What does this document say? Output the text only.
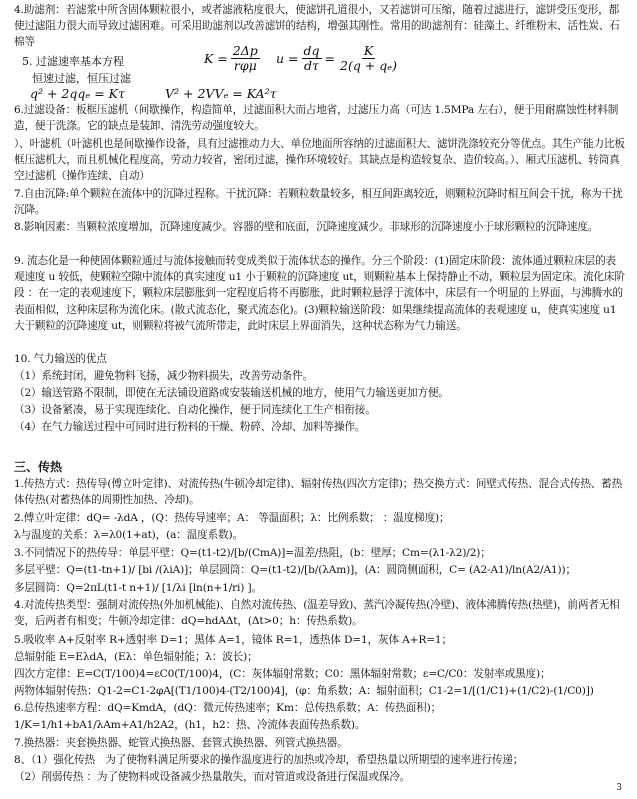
4.助滤剂：若滤浆中所含固体颗粒很小，或者滤液粘度很大，使滤饼孔道很小，又若滤饼可压缩，随着过滤进行，滤饼受压变形，都使过滤阻力很大而导致过滤困难。可采用助滤剂以改善滤饼的结构，增强其刚性。常用的助滤剂有：硅藻土、纤维粉末、活性炭、石棉等

5. 过滤速率基本方程
恒速过滤，恒压过滤
q² + 2qqₑ = Kτ
$K = \frac{2\Delta p}{\text{rφμ}}$ $u = \frac{dq}{d\tau} = \frac{K}{\text{2(q + qₑ)}}$
V² + 2VVₑ = KA²τ

6.过滤设备：板框压滤机（间歇操作，构造简单，过滤面积大而占地省，过滤压力高（可达 1.5MPa 左右），便于用耐腐蚀性材料制造，便于洗涤。它的缺点是装卸、清洗劳动强度较大。

）、叶滤机（叶滤机也是间歇操作设备，具有过滤推动力大、单位地面所容纳的过滤面积大、滤饼洗涤较充分等优点。其生产能力比板框压滤机大，而且机械化程度高，劳动力较省，密闭过滤，操作环境较好。其缺点是构造较复杂、造价较高。）、厢式压滤机、转筒真空过滤机（操作连续、自动）

7.自由沉降:单个颗粒在流体中的沉降过程称。干扰沉降：若颗粒数量较多，相互间距离较近，则颗粒沉降时相互间会干扰，称为干扰沉降。

8.影响因素：当颗粒浓度增加，沉降速度减少。容器的壁和底面，沉降速度减少。非球形的沉降速度小于球形颗粒的沉降速度。

9. 流态化是一种使固体颗粒通过与流体接触而转变成类似于流体状态的操作。分三个阶段：(1)固定床阶段：流体通过颗粒床层的表观速度 u 较低，使颗粒空隙中流体的真实速度 u1 小于颗粒的沉降速度 ut，则颗粒基本上保持静止不动，颗粒层为固定床。流化床阶段 ：在一定的表观速度下，颗粒床层膨胀到一定程度后将不再膨胀，此时颗粒悬浮于流体中，床层有一个明显的上界面，与沸腾水的表面相似，这种床层称为流化床。(散式流态化，聚式流态化)。(3)颗粒输送阶段：如果继续提高流体的表观速度 u，使真实速度 u1 大于颗粒的沉降速度 ut，则颗粒将被气流所带走，此时床层上界面消失，这种状态称为气力输送。

10. 气力输送的优点

（1）系统封闭，避免物料飞扬，减少物料损失，改善劳动条件。

（2）输送管路不限制，即使在无法铺设道路或安装输送机械的地方，使用气力输送更加方便。

（3）设备紧凑，易于实现连续化、自动化操作，便于同连续化工生产相衔接。

（4）在气力输送过程中可同时进行粉料的干燥、粉碎、冷却、加料等操作。

三、传热

1.传热方式：热传导(傅立叶定律)、对流传热(牛顿冷却定律)、辐射传热(四次方定律)；热交换方式：间壁式传热、混合式传热、蓄热体传热(对蓄热体的周期性加热、冷却)。

2.傅立叶定律：dQ= -λdA ，(Q：热传导速率；A： 等温面积；λ：比例系数； ：温度梯度)；

λ与温度的关系：λ=λ0(1+at)，(a：温度系数)。

3.不同情况下的热传导：单层平壁：Q=(t1-t2)/[b/(CmA)]=温差/热阻，(b：壁厚；Cm=(λ1-λ2)/2)；

多层平壁：Q=(t1-tn+1)/ [bi /(λiA)]；单层圆筒：Q=(t1-t2)/[b/(λAm)]，(A：圆筒侧面积，C= (A2-A1)/ln(A2/A1))；

多层圆筒：Q=2πL(t1-t n+1)/ [1/λi [ln(n+1/ri) ]。

4.对流传热类型：强制对流传热(外加机械能)、自然对流传热、(温差导致)、蒸汽冷凝传热(冷壁)、液体沸腾传热(热壁)，前两者无相变，后两者有相变；牛顿冷却定律：dQ=hdAΔt，(Δt>0；h：传热系数)。

5.吸收率 A+反射率 R+透射率 D=1；黑体 A=1，镜体 R=1，透热体 D=1，灰体 A+R=1；

总辐射能 E=EλdA，(Eλ：单色辐射能；λ：波长)；

四次方定律：E=C(T/100)4=εC0(T/100)4，(C：灰体辐射常数；C0：黑体辐射常数；ε=C/C0：发射率或黑度)；

两物体辐射传热：Q1-2=C1-2φA[(T1/100)4-(T2/100)4]，(φ：角系数；A：辐射面积；C1-2=1/[(1/C1)+(1/C2)-(1/C0)])

6.总传热速率方程：dQ=KmdA，(dQ：微元传热速率；Km：总传热系数；A：传热面积)；

1/K=1/h1+bA1/λAm+A1/h2A2，(h1，h2：热、冷流体表面传热系数)。

7.换热器：夹套换热器、蛇管式换热器、套管式换热器、列管式换热器。

8、（1）强化传热　为了使物料满足所要求的操作温度进行的加热或冷却，希望热量以所期望的速率进行传递；

（2）削弱传热 ：为了使物料或设备减少热量散失，而对管道或设备进行保温或保冷。

3
